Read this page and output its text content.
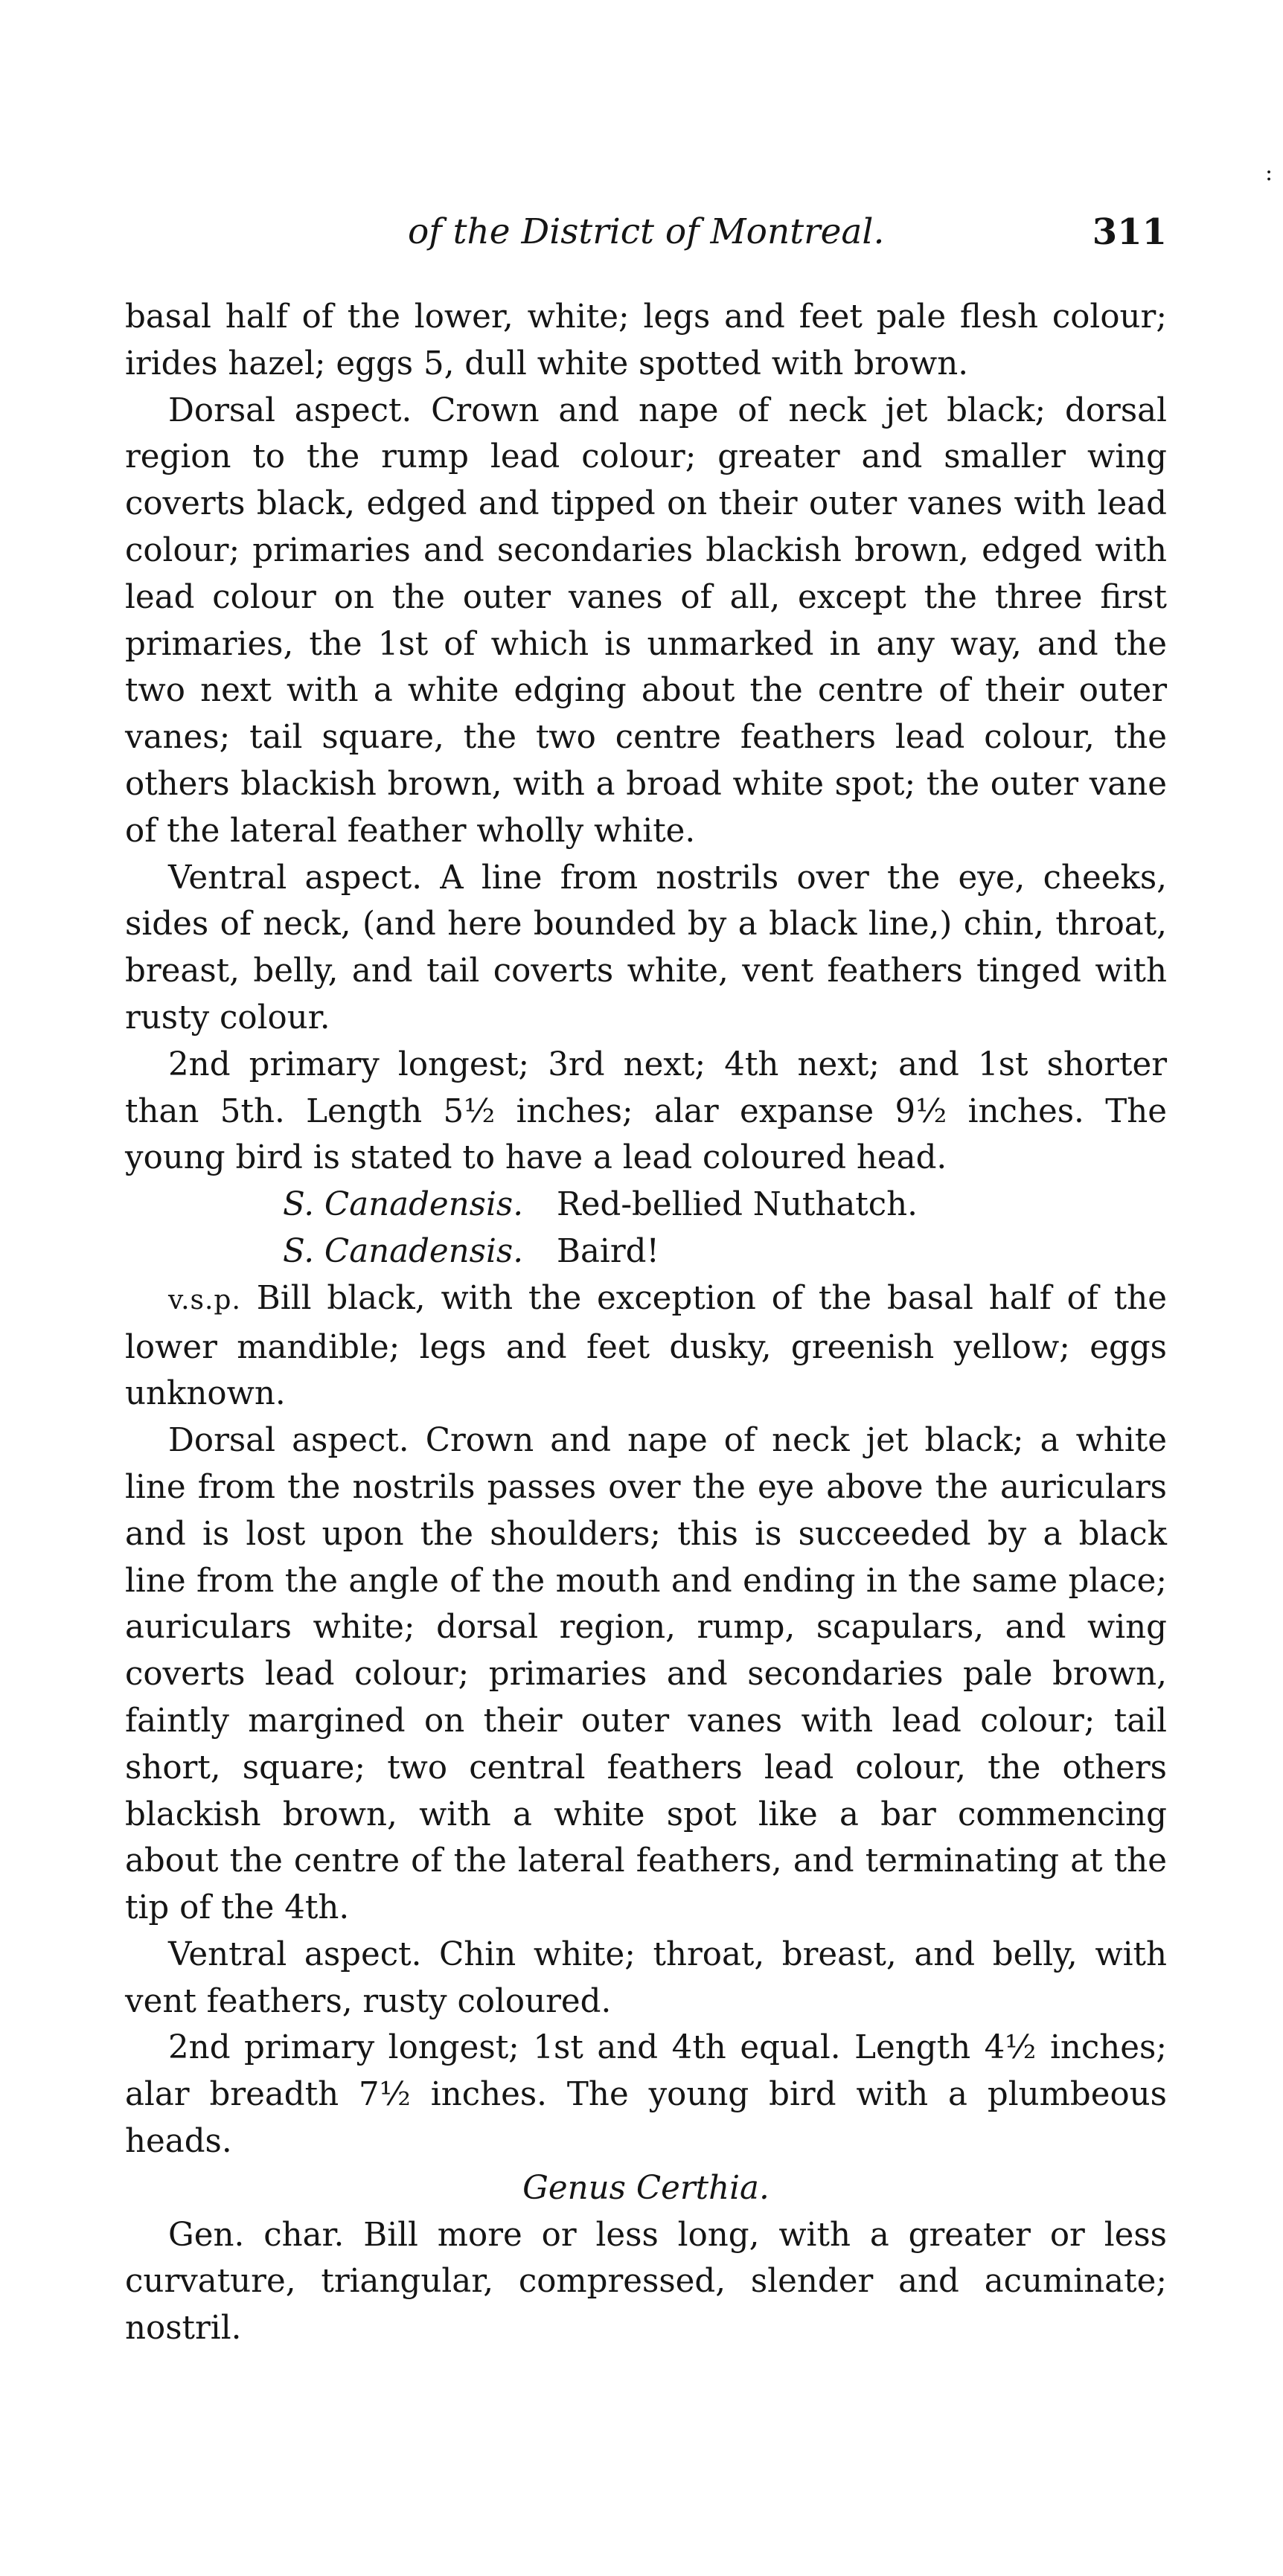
:
of the District of Montreal.	311

basal half of the lower, white; legs and feet pale flesh colour; irides hazel; eggs 5, dull white spotted with brown.

Dorsal aspect. Crown and nape of neck jet black; dorsal region to the rump lead colour; greater and smaller wing coverts black, edged and tipped on their outer vanes with lead colour; primaries and secondaries blackish brown, edged with lead colour on the outer vanes of all, except the three first primaries, the 1st of which is unmarked in any way, and the two next with a white edging about the centre of their outer vanes; tail square, the two centre feathers lead colour, the others blackish brown, with a broad white spot; the outer vane of the lateral feather wholly white.

Ventral aspect. A line from nostrils over the eye, cheeks, sides of neck, (and here bounded by a black line,) chin, throat, breast, belly, and tail coverts white, vent feathers tinged with rusty colour.

2nd primary longest; 3rd next; 4th next; and 1st shorter than 5th. Length 5½ inches; alar expanse 9½ inches. The young bird is stated to have a lead coloured head.

S. Canadensis. Red-bellied Nuthatch.

S. Canadensis. Baird!

v.s.p. Bill black, with the exception of the basal half of the lower mandible; legs and feet dusky, greenish yellow; eggs unknown.

Dorsal aspect. Crown and nape of neck jet black; a white line from the nostrils passes over the eye above the auriculars and is lost upon the shoulders; this is succeeded by a black line from the angle of the mouth and ending in the same place; auriculars white; dorsal region, rump, scapulars, and wing coverts lead colour; primaries and secondaries pale brown, faintly margined on their outer vanes with lead colour; tail short, square; two central feathers lead colour, the others blackish brown, with a white spot like a bar commencing about the centre of the lateral feathers, and terminating at the tip of the 4th.

Ventral aspect. Chin white; throat, breast, and belly, with vent feathers, rusty coloured.

2nd primary longest; 1st and 4th equal. Length 4½ inches; alar breadth 7½ inches. The young bird with a plumbeous heads.

Genus Certhia.

Gen. char. Bill more or less long, with a greater or less curvature, triangular, compressed, slender and acuminate; nostril.
